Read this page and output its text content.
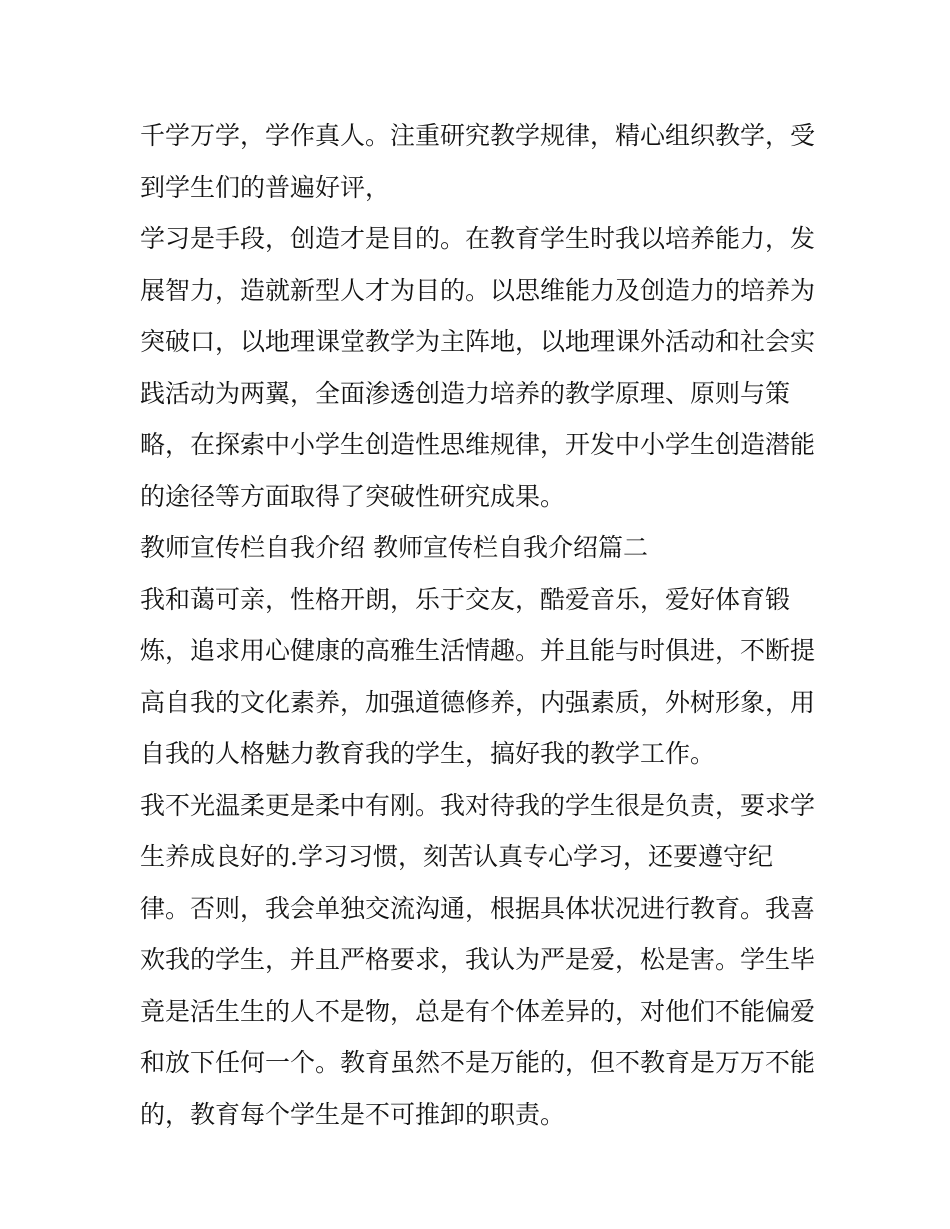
千学万学，学作真人。注重研究教学规律，精心组织教学，受
到学生们的普遍好评，
学习是手段，创造才是目的。在教育学生时我以培养能力，发
展智力，造就新型人才为目的。以思维能力及创造力的培养为
突破口，以地理课堂教学为主阵地，以地理课外活动和社会实
践活动为两翼，全面渗透创造力培养的教学原理、原则与策
略，在探索中小学生创造性思维规律，开发中小学生创造潜能
的途径等方面取得了突破性研究成果。
教师宣传栏自我介绍 教师宣传栏自我介绍篇二
我和蔼可亲，性格开朗，乐于交友，酷爱音乐，爱好体育锻
炼，追求用心健康的高雅生活情趣。并且能与时俱进，不断提
高自我的文化素养，加强道德修养，内强素质，外树形象，用
自我的人格魅力教育我的学生，搞好我的教学工作。
我不光温柔更是柔中有刚。我对待我的学生很是负责，要求学
生养成良好的.学习习惯，刻苦认真专心学习，还要遵守纪
律。否则，我会单独交流沟通，根据具体状况进行教育。我喜
欢我的学生，并且严格要求，我认为严是爱，松是害。学生毕
竟是活生生的人不是物，总是有个体差异的，对他们不能偏爱
和放下任何一个。教育虽然不是万能的，但不教育是万万不能
的，教育每个学生是不可推卸的职责。
